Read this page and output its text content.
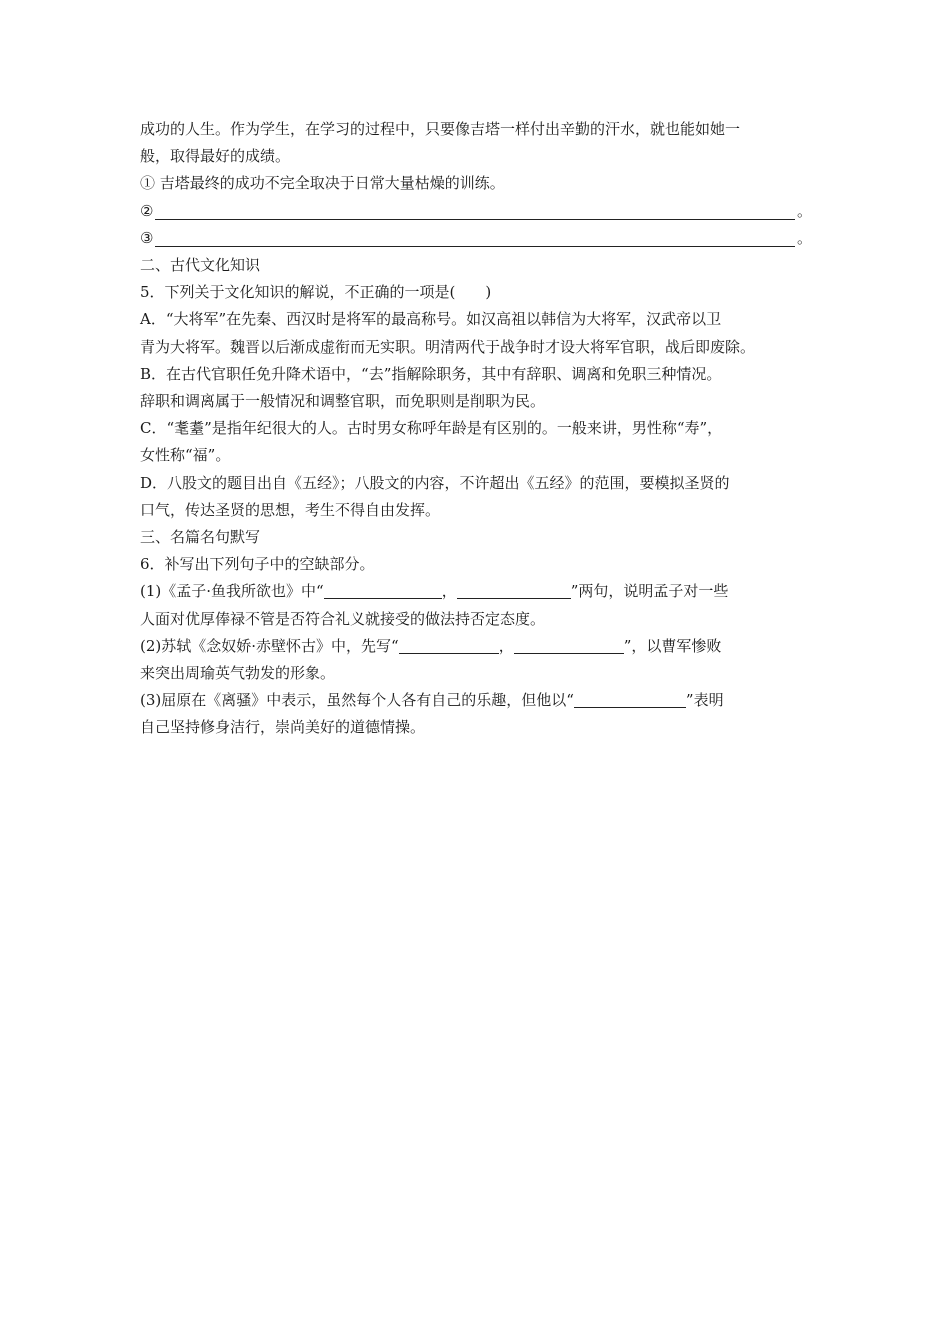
成功的人生。作为学生，在学习的过程中，只要像吉塔一样付出辛勤的汗水，就也能如她一
般，取得最好的成绩。
① 吉塔最终的成功不完全取决于日常大量枯燥的训练。
②	。
③	。
二、古代文化知识
5．下列关于文化知识的解说，不正确的一项是(　　)
A．“大将军”在先秦、西汉时是将军的最高称号。如汉高祖以韩信为大将军，汉武帝以卫
青为大将军。魏晋以后渐成虚衔而无实职。明清两代于战争时才设大将军官职，战后即废除。
B．在古代官职任免升降术语中，“去”指解除职务，其中有辞职、调离和免职三种情况。
辞职和调离属于一般情况和调整官职，而免职则是削职为民。
C．“耄耋”是指年纪很大的人。古时男女称呼年龄是有区别的。一般来讲，男性称“寿”，
女性称“福”。
D．八股文的题目出自《五经》；八股文的内容，不许超出《五经》的范围，要模拟圣贤的
口气，传达圣贤的思想，考生不得自由发挥。
三、名篇名句默写
6．补写出下列句子中的空缺部分。
(1)《孟子·鱼我所欲也》中“	，	”两句，说明孟子对一些
人面对优厚俸禄不管是否符合礼义就接受的做法持否定态度。
(2)苏轼《念奴娇·赤壁怀古》中，先写“	，	”，以曹军惨败
来突出周瑜英气勃发的形象。
(3)屈原在《离骚》中表示，虽然每个人各有自己的乐趣，但他以“	”表明
自己坚持修身洁行，崇尚美好的道德情操。
